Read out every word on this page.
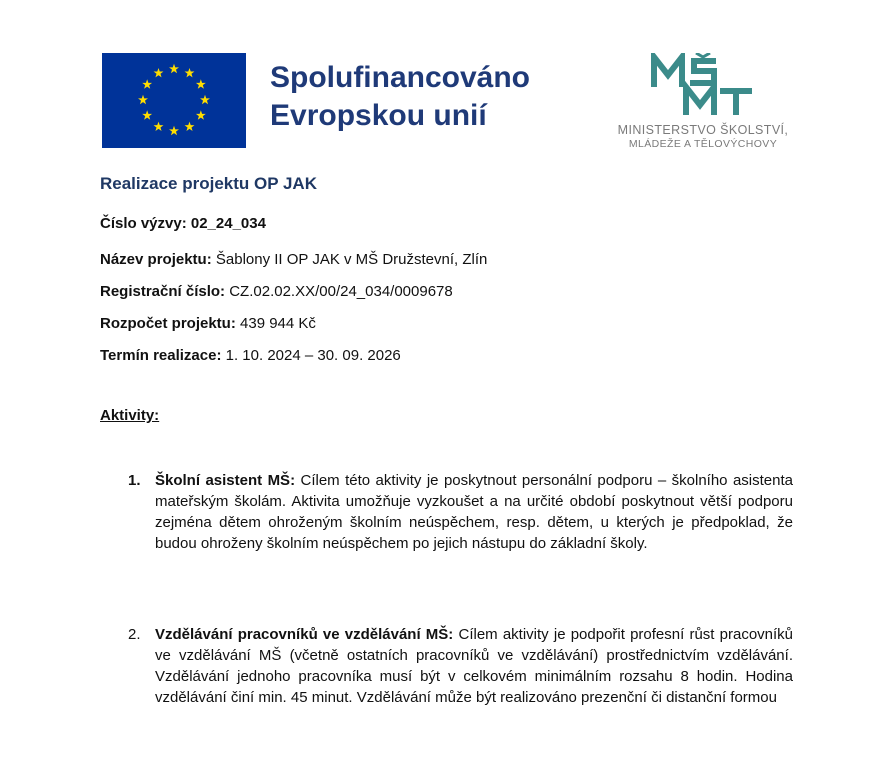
Spolufinancováno
Evropskou unií	MINISTERSTVO ŠKOLSTVÍ,
MLÁDEŽE A TĚLOVÝCHOVY
Realizace projektu OP JAK
Číslo výzvy: 02_24_034
Název projektu: Šablony II OP JAK v MŠ Družstevní, Zlín
Registrační číslo: CZ.02.02.XX/00/24_034/0009678
Rozpočet projektu: 439 944 Kč
Termín realizace: 1. 10. 2024 – 30. 09. 2026
Aktivity:
1. Školní asistent MŠ: Cílem této aktivity je poskytnout personální podporu – školního asistenta mateřským školám. Aktivita umožňuje vyzkoušet a na určité období poskytnout větší podporu zejména dětem ohroženým školním neúspěchem, resp. dětem, u kterých je předpoklad, že budou ohroženy školním neúspěchem po jejich nástupu do základní školy.
2. Vzdělávání pracovníků ve vzdělávání MŠ: Cílem aktivity je podpořit profesní růst pracovníků ve vzdělávání MŠ (včetně ostatních pracovníků ve vzdělávání) prostřednictvím vzdělávání. Vzdělávání jednoho pracovníka musí být v celkovém minimálním rozsahu 8 hodin. Hodina vzdělávání činí min. 45 minut. Vzdělávání může být realizováno prezenční či distanční formou
